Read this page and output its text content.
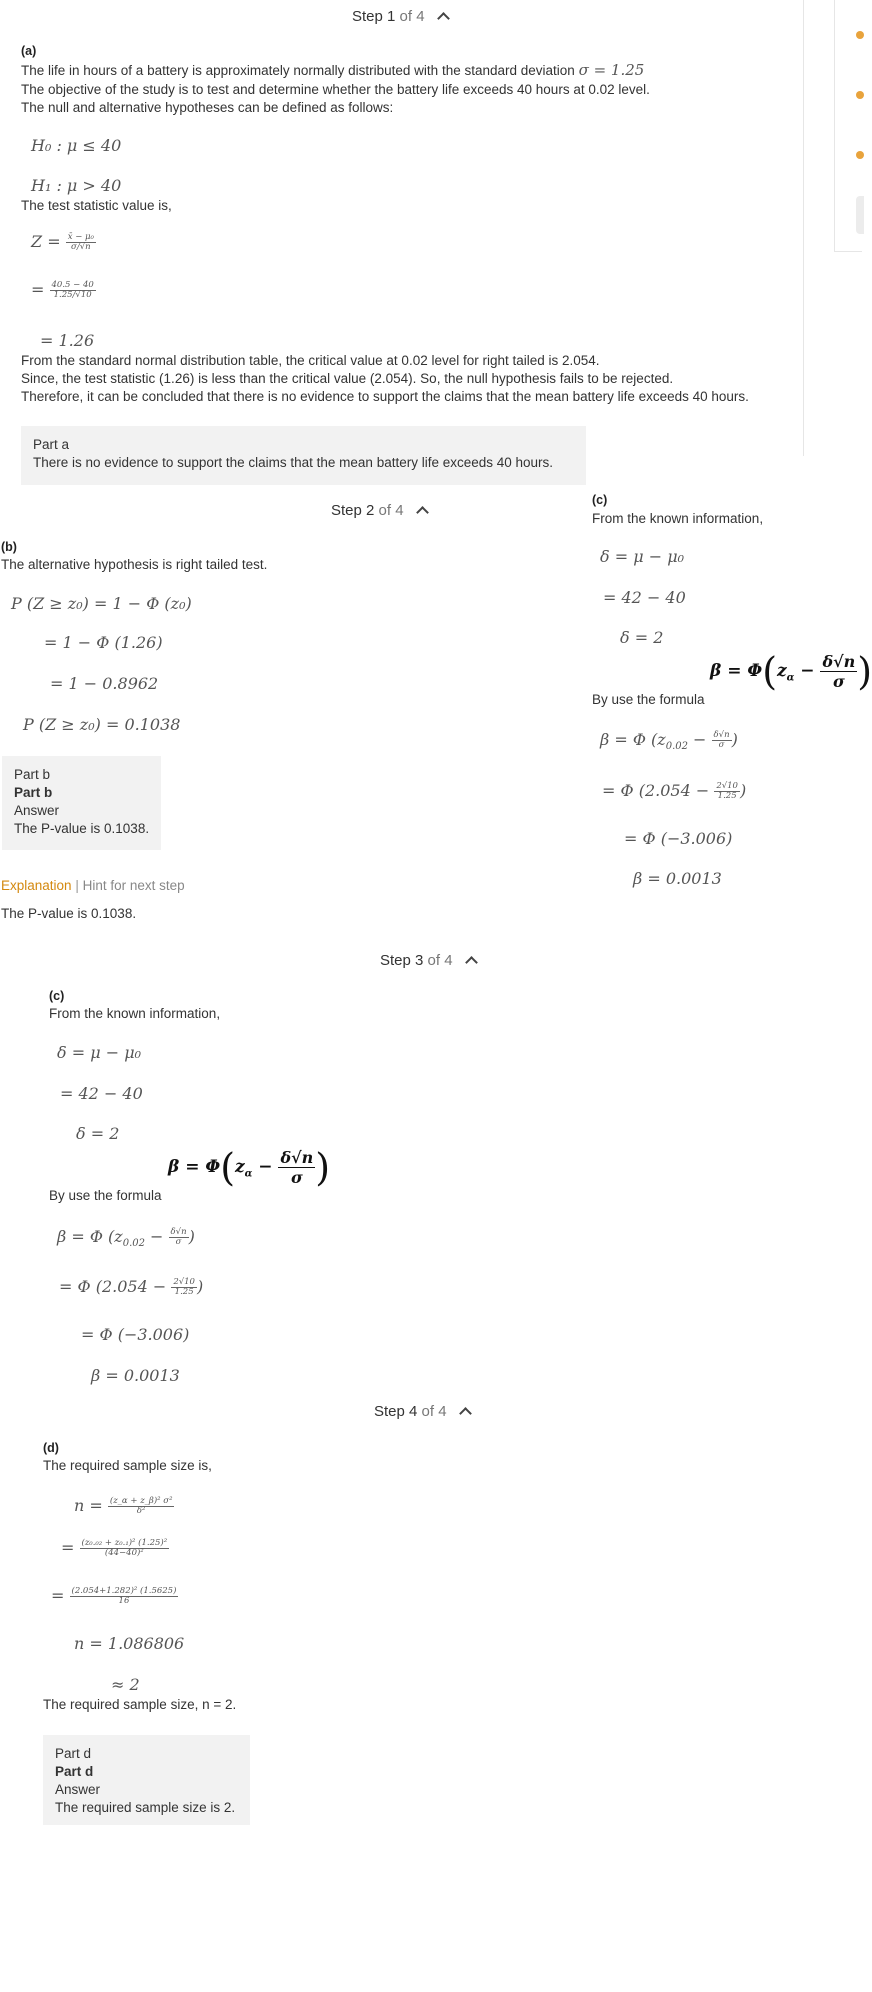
Step 1 of 4
(a)
The life in hours of a battery is approximately normally distributed with the standard deviation σ = 1.25
The objective of the study is to test and determine whether the battery life exceeds 40 hours at 0.02 level.
The null and alternative hypotheses can be defined as follows:
H₀ : μ ≤ 40
H₁ : μ > 40
The test statistic value is,
$Z = \frac{\text{x̄ − μ₀}}{\sigma/√n}$
= $\frac{40.5 - 40}{1.25/√10}$
= 1.26
From the standard normal distribution table, the critical value at 0.02 level for right tailed is 2.054.
Since, the test statistic (1.26) is less than the critical value (2.054). So, the null hypothesis fails to be rejected.
Therefore, it can be concluded that there is no evidence to support the claims that the mean battery life exceeds 40 hours.
Part a
There is no evidence to support the claims that the mean battery life exceeds 40 hours.
Step 2 of 4
(b)
The alternative hypothesis is right tailed test.
P (Z ≥ z₀) = 1 − Φ (z₀)
= 1 − Φ (1.26)
= 1 − 0.8962
P (Z ≥ z₀) = 0.1038
Part b
Part b
Answer
The P-value is 0.1038.
Explanation | Hint for next step
The P-value is 0.1038.
(c)
From the known information,
δ = μ − μ₀
= 42 − 40
δ = 2
$\beta = \Phi(z_\alpha - \frac{\delta√n}{\sigma}$ )
By use the formula
β = Φ ($z_{0.02} - \frac{\delta√n}{\sigma}$ )
= Φ ($2.054 - \frac{2√10}{1.25}$ )
= Φ (−3.006)
β = 0.0013
Step 3 of 4
(c)
From the known information,
δ = μ − μ₀
= 42 − 40
δ = 2
$\beta = \Phi(z_\alpha - \frac{\delta√n}{\sigma}$ )
By use the formula
β = Φ ($z_{0.02} - \frac{\delta√n}{\sigma}$ )
= Φ ($2.054 - \frac{2√10}{1.25}$ )
= Φ (−3.006)
β = 0.0013
Step 4 of 4
(d)
The required sample size is,
$n = \frac{\text{(z\_α + z\_β)² σ²}}{\text{δ²}}$
= $\frac{\text{(z₀.₀₂ + z₀.₁)² (1.25)²}}{\text{(44−40)²}}$
= $\frac{\text{(2.054+1.282)² (1.5625)}}{16}$
n = 1.086806
≈ 2
The required sample size, n = 2.
Part d
Part d
Answer
The required sample size is 2.
